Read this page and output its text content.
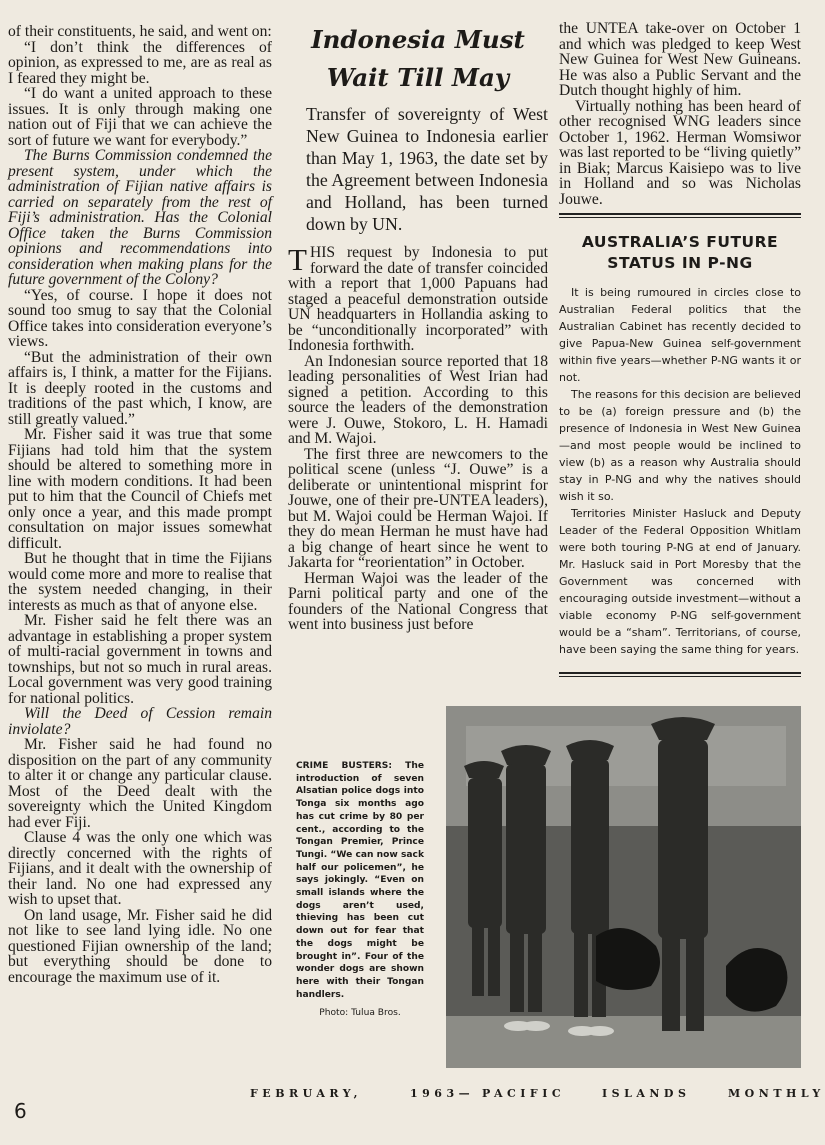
of their constituents, he said, and went on:

“I don’t think the differences of opinion, as expressed to me, are as real as I feared they might be.

“I do want a united approach to these issues. It is only through making one nation out of Fiji that we can achieve the sort of future we want for everybody.”

The Burns Commission condemned the present system, under which the administration of Fijian native affairs is carried on separately from the rest of Fiji’s administration. Has the Colonial Office taken the Burns Commission opinions and recommendations into consideration when making plans for the future government of the Colony?

“Yes, of course. I hope it does not sound too smug to say that the Colonial Office takes into consideration everyone’s views.

“But the administration of their own affairs is, I think, a matter for the Fijians. It is deeply rooted in the customs and traditions of the past which, I know, are still greatly valued.”

Mr. Fisher said it was true that some Fijians had told him that the system should be altered to something more in line with modern conditions. It had been put to him that the Council of Chiefs met only once a year, and this made prompt consultation on major issues somewhat difficult.

But he thought that in time the Fijians would come more and more to realise that the system needed changing, in their interests as much as that of anyone else.

Mr. Fisher said he felt there was an advantage in establishing a proper system of multi-racial government in towns and townships, but not so much in rural areas. Local government was very good training for national politics.

Will the Deed of Cession remain inviolate?

Mr. Fisher said he had found no disposition on the part of any community to alter it or change any particular clause. Most of the Deed dealt with the sovereignty which the United Kingdom had ever Fiji.

Clause 4 was the only one which was directly concerned with the rights of Fijians, and it dealt with the ownership of their land. No one had expressed any wish to upset that.

On land usage, Mr. Fisher said he did not like to see land lying idle. No one questioned Fijian ownership of the land; but everything should be done to encourage the maximum use of it.

Indonesia Must
Wait Till May
Transfer of sovereignty of West New Guinea to Indonesia earlier than May 1, 1963, the date set by the Agreement between Indonesia and Holland, has been turned down by UN.

THIS request by Indonesia to put forward the date of transfer coincided with a report that 1,000 Papuans had staged a peaceful demonstration outside UN headquarters in Hollandia asking to be “unconditionally incorporated” with Indonesia forthwith.

An Indonesian source reported that 18 leading personalities of West Irian had signed a petition. According to this source the leaders of the demonstration were J. Ouwe, Stokoro, L. H. Hamadi and M. Wajoi.

The first three are newcomers to the political scene (unless “J. Ouwe” is a deliberate or unintentional misprint for Jouwe, one of their pre-UNTEA leaders), but M. Wajoi could be Herman Wajoi. If they do mean Herman he must have had a big change of heart since he went to Jakarta for “reorientation” in October.

Herman Wajoi was the leader of the Parni political party and one of the founders of the National Congress that went into business just before

the UNTEA take-over on October 1 and which was pledged to keep West New Guinea for West New Guineans. He was also a Public Servant and the Dutch thought highly of him.

Virtually nothing has been heard of other recognised WNG leaders since October 1, 1962. Herman Womsiwor was last reported to be “living quietly” in Biak; Marcus Kaisiepo was to live in Holland and so was Nicholas Jouwe.

AUSTRALIA’S FUTURE
STATUS IN P-NG

It is being rumoured in circles close to Australian Federal politics that the Australian Cabinet has recently decided to give Papua-New Guinea self-government within five years—whether P-NG wants it or not.

The reasons for this decision are believed to be (a) foreign pressure and (b) the presence of Indonesia in West New Guinea—and most people would be inclined to view (b) as a reason why Australia should stay in P-NG and why the natives should wish it so.

Territories Minister Hasluck and Deputy Leader of the Federal Opposition Whitlam were both touring P-NG at end of January. Mr. Hasluck said in Port Moresby that the Government was concerned with encouraging outside investment—without a viable economy P-NG self-government would be a “sham”. Territorians, of course, have been saying the same thing for years.

CRIME BUSTERS: The introduction of seven Alsatian police dogs into Tonga six months ago has cut crime by 80 per cent., according to the Tongan Premier, Prince Tungi. “We can now sack half our policemen”, he says jokingly. “Even on small islands where the dogs aren’t used, thieving has been cut down out for fear that the dogs might be brought in”. Four of the wonder dogs are shown here with their Tongan handlers.
Photo: Tulua Bros.
6
FEBRUARY,	1963— PACIFIC	ISLANDS	MONTHLY
